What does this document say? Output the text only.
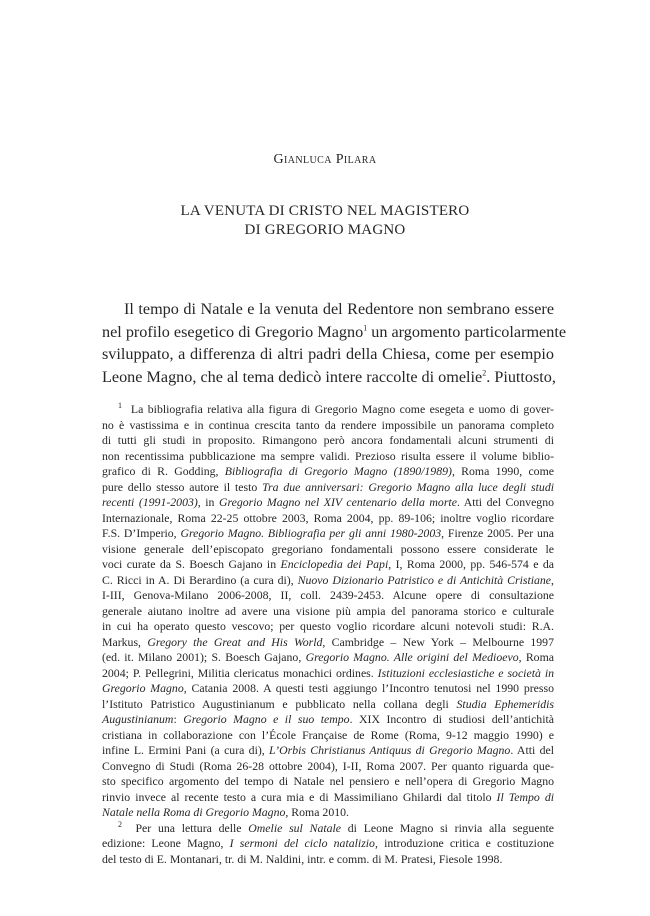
Gianluca Pilara
LA VENUTA DI CRISTO NEL MAGISTERO
DI GREGORIO MAGNO
Il tempo di Natale e la venuta del Redentore non sembrano essere
nel profilo esegetico di Gregorio Magno$^1$ un argomento particolarmente
sviluppato, a differenza di altri padri della Chiesa, come per esempio
Leone Magno, che al tema dedicò intere raccolte di omelie$^2$. Piuttosto,
$^1$ La bibliografia relativa alla figura di Gregorio Magno come esegeta e uomo di gover-
no è vastissima e in continua crescita tanto da rendere impossibile un panorama completo
di tutti gli studi in proposito. Rimangono però ancora fondamentali alcuni strumenti di
non recentissima pubblicazione ma sempre validi. Prezioso risulta essere il volume biblio-
grafico di R. Godding, Bibliografia di Gregorio Magno (1890/1989), Roma 1990, come
pure dello stesso autore il testo Tra due anniversari: Gregorio Magno alla luce degli studi
recenti (1991-2003), in Gregorio Magno nel XIV centenario della morte. Atti del Convegno
Internazionale, Roma 22-25 ottobre 2003, Roma 2004, pp. 89-106; inoltre voglio ricordare
F.S. D’Imperio, Gregorio Magno. Bibliografia per gli anni 1980-2003, Firenze 2005. Per una
visione generale dell’episcopato gregoriano fondamentali possono essere considerate le
voci curate da S. Boesch Gajano in Enciclopedia dei Papi, I, Roma 2000, pp. 546-574 e da
C. Ricci in A. Di Berardino (a cura di), Nuovo Dizionario Patristico e di Antichità Cristiane,
I-III, Genova-Milano 2006-2008, II, coll. 2439-2453. Alcune opere di consultazione
generale aiutano inoltre ad avere una visione più ampia del panorama storico e culturale
in cui ha operato questo vescovo; per questo voglio ricordare alcuni notevoli studi: R.A.
Markus, Gregory the Great and His World, Cambridge – New York – Melbourne 1997
(ed. it. Milano 2001); S. Boesch Gajano, Gregorio Magno. Alle origini del Medioevo, Roma
2004; P. Pellegrini, Militia clericatus monachici ordines. Istituzioni ecclesiastiche e società in
Gregorio Magno, Catania 2008. A questi testi aggiungo l’Incontro tenutosi nel 1990 presso
l’Istituto Patristico Augustinianum e pubblicato nella collana degli Studia Ephemeridis
Augustinianum: Gregorio Magno e il suo tempo. XIX Incontro di studiosi dell’antichità
cristiana in collaborazione con l’École Française de Rome (Roma, 9-12 maggio 1990) e
infine L. Ermini Pani (a cura di), L’Orbis Christianus Antiquus di Gregorio Magno. Atti del
Convegno di Studi (Roma 26-28 ottobre 2004), I-II, Roma 2007. Per quanto riguarda que-
sto specifico argomento del tempo di Natale nel pensiero e nell’opera di Gregorio Magno
rinvio invece al recente testo a cura mia e di Massimiliano Ghilardi dal titolo Il Tempo di
Natale nella Roma di Gregorio Magno, Roma 2010.
$^2$ Per una lettura delle Omelie sul Natale di Leone Magno si rinvia alla seguente
edizione: Leone Magno, I sermoni del ciclo natalizio, introduzione critica e costituzione
del testo di E. Montanari, tr. di M. Naldini, intr. e comm. di M. Pratesi, Fiesole 1998.
